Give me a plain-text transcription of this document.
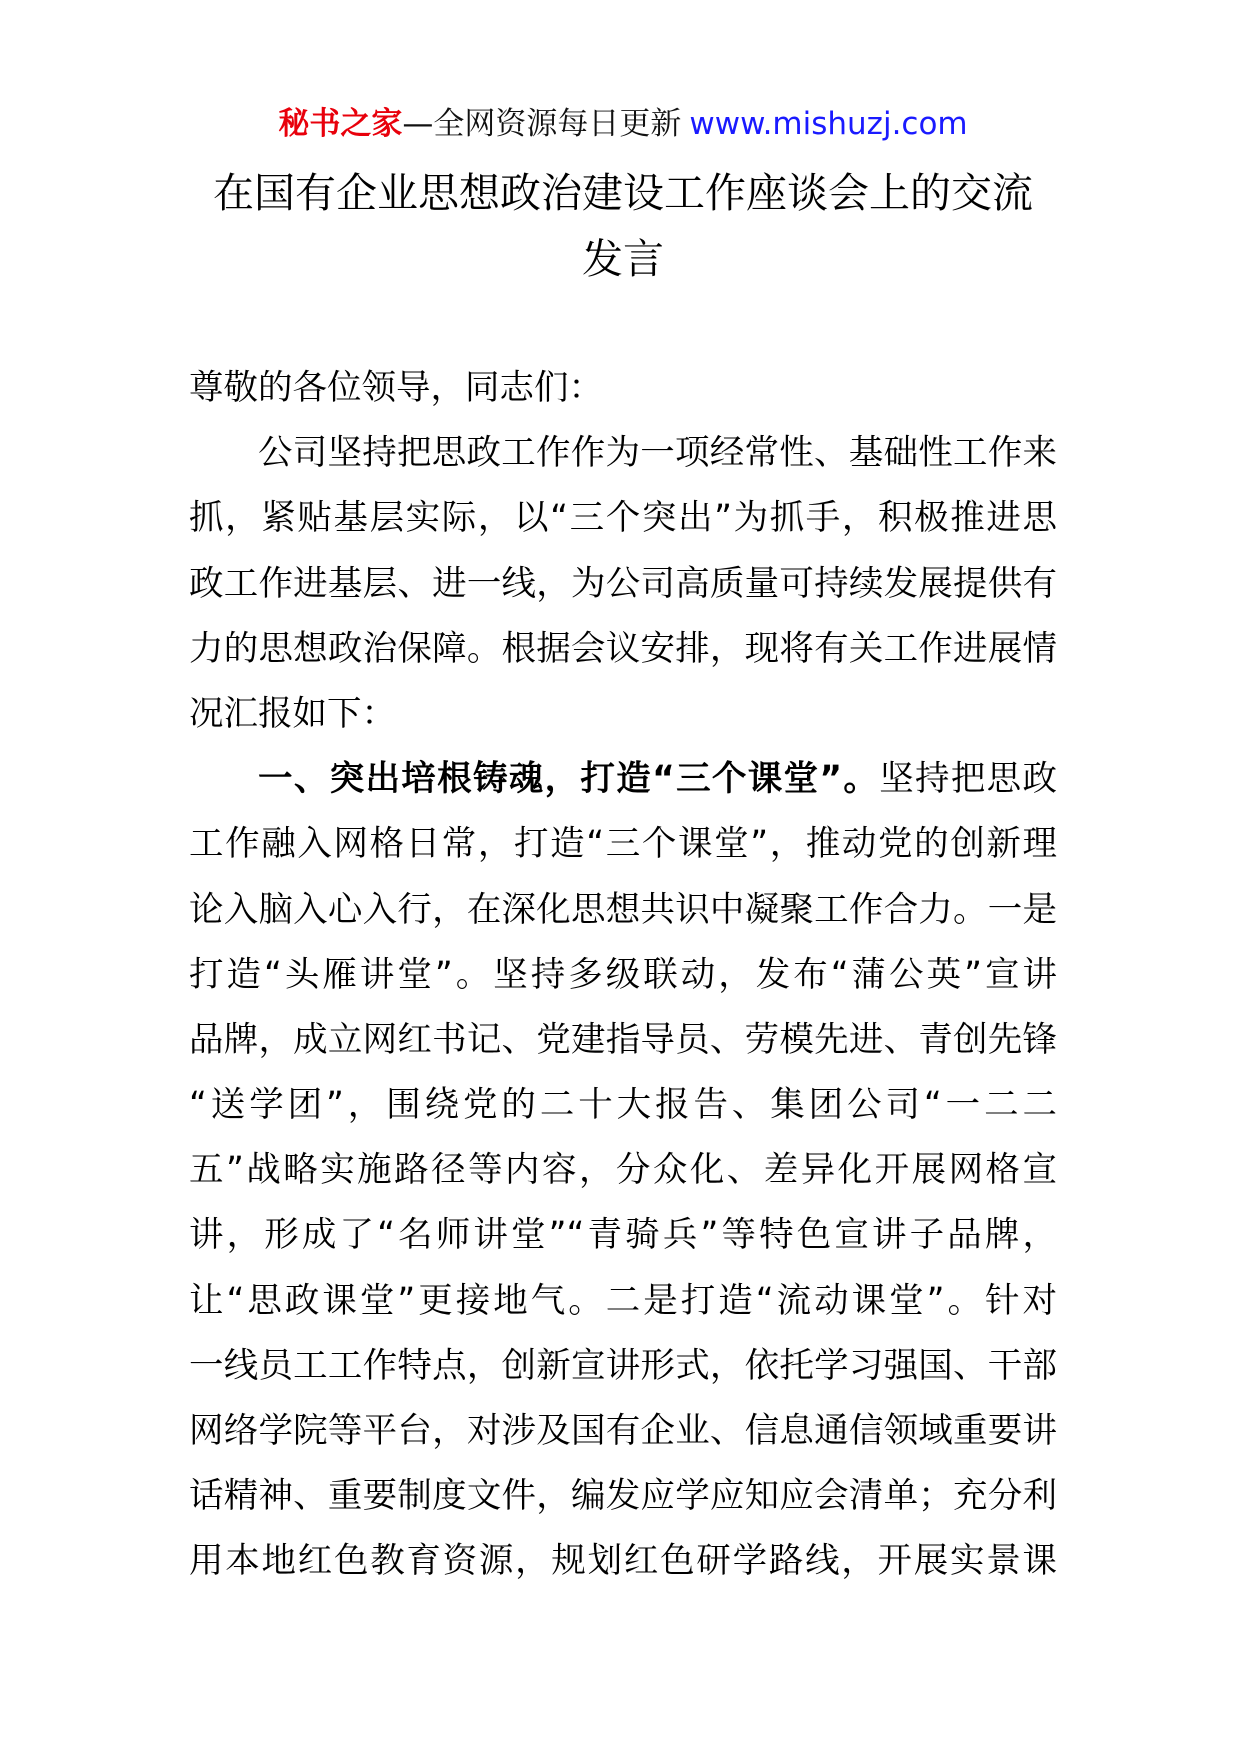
秘书之家—全网资源每日更新 www.mishuzj.com
在国有企业思想政治建设工作座谈会上的交流
发言
尊敬的各位领导，同志们：
公司坚持把思政工作作为一项经常性、基础性工作来
抓，紧贴基层实际，以“三个突出”为抓手，积极推进思
政工作进基层、进一线，为公司高质量可持续发展提供有
力的思想政治保障。根据会议安排，现将有关工作进展情
况汇报如下：
一、突出培根铸魂，打造“三个课堂”。坚持把思政
工作融入网格日常，打造“三个课堂”，推动党的创新理
论入脑入心入行，在深化思想共识中凝聚工作合力。一是
打造“头雁讲堂”。坚持多级联动，发布“蒲公英”宣讲
品牌，成立网红书记、党建指导员、劳模先进、青创先锋
“送学团”，围绕党的二十大报告、集团公司“一二二
五”战略实施路径等内容，分众化、差异化开展网格宣
讲，形成了“名师讲堂”“青骑兵”等特色宣讲子品牌，
让“思政课堂”更接地气。二是打造“流动课堂”。针对
一线员工工作特点，创新宣讲形式，依托学习强国、干部
网络学院等平台，对涉及国有企业、信息通信领域重要讲
话精神、重要制度文件，编发应学应知应会清单；充分利
用本地红色教育资源，规划红色研学路线，开展实景课
